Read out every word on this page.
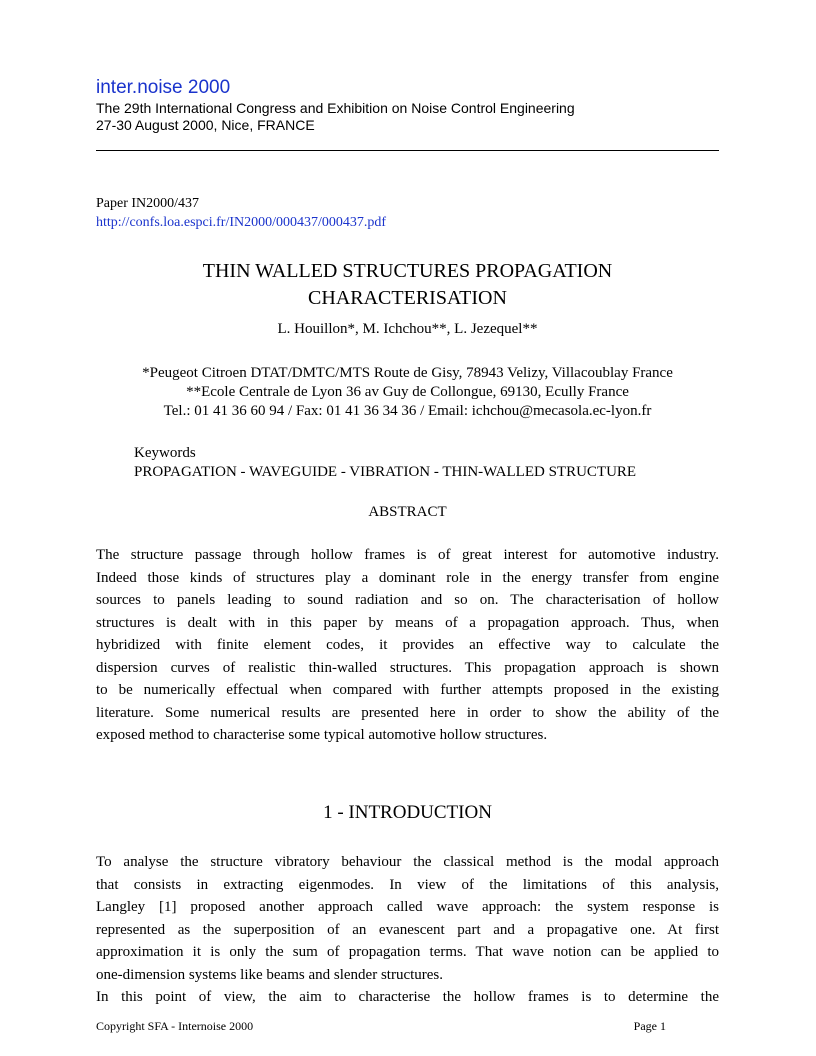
inter.noise 2000
The 29th International Congress and Exhibition on Noise Control Engineering
27-30 August 2000, Nice, FRANCE
Paper IN2000/437
http://confs.loa.espci.fr/IN2000/000437/000437.pdf
THIN WALLED STRUCTURES PROPAGATION
CHARACTERISATION
L. Houillon*, M. Ichchou**, L. Jezequel**
*Peugeot Citroen DTAT/DMTC/MTS Route de Gisy, 78943 Velizy, Villacoublay France
**Ecole Centrale de Lyon 36 av Guy de Collongue, 69130, Ecully France
Tel.: 01 41 36 60 94 / Fax: 01 41 36 34 36 / Email: ichchou@mecasola.ec-lyon.fr
Keywords
PROPAGATION - WAVEGUIDE - VIBRATION - THIN-WALLED STRUCTURE
ABSTRACT
The structure passage through hollow frames is of great interest for automotive industry.
Indeed those kinds of structures play a dominant role in the energy transfer from engine
sources to panels leading to sound radiation and so on. The characterisation of hollow
structures is dealt with in this paper by means of a propagation approach. Thus, when
hybridized with finite element codes, it provides an effective way to calculate the
dispersion curves of realistic thin-walled structures. This propagation approach is shown
to be numerically effectual when compared with further attempts proposed in the existing
literature. Some numerical results are presented here in order to show the ability of the
exposed method to characterise some typical automotive hollow structures.
1 - INTRODUCTION
To analyse the structure vibratory behaviour the classical method is the modal approach
that consists in extracting eigenmodes. In view of the limitations of this analysis,
Langley [1] proposed another approach called wave approach: the system response is
represented as the superposition of an evanescent part and a propagative one. At first
approximation it is only the sum of propagation terms. That wave notion can be applied to
one-dimension systems like beams and slender structures.
In this point of view, the aim to characterise the hollow frames is to determine the
Copyright SFA - Internoise 2000	Page 1
